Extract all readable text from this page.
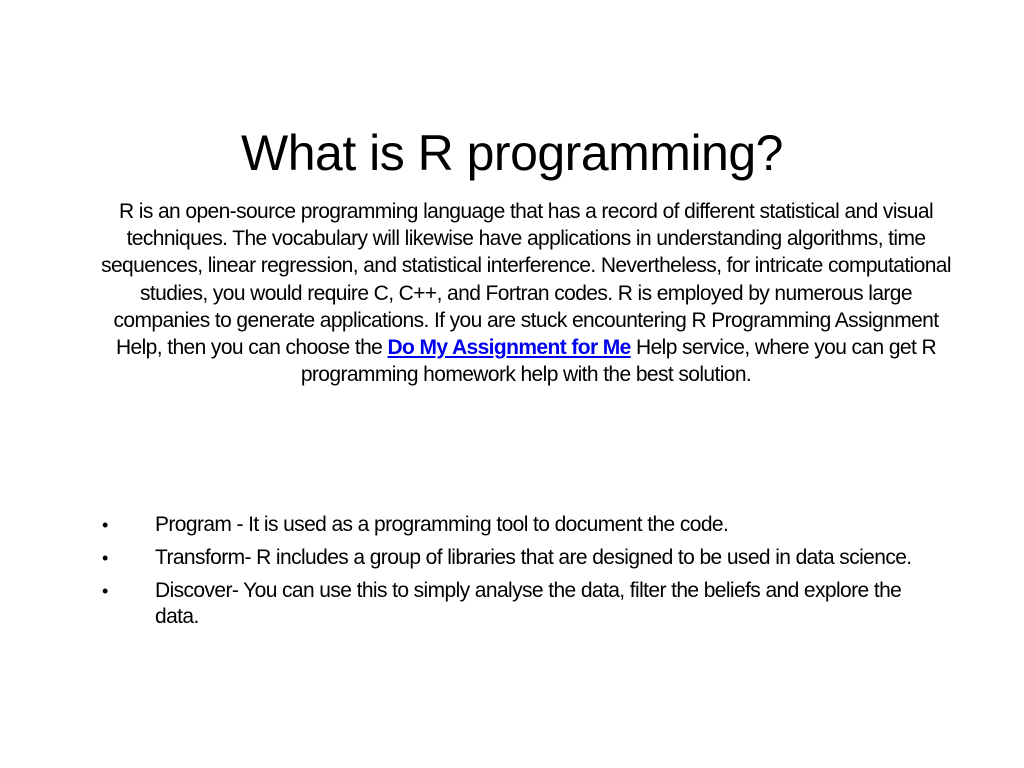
What is R programming?

R is an open-source programming language that has a record of different statistical and visual techniques. The vocabulary will likewise have applications in understanding algorithms, time sequences, linear regression, and statistical interference. Nevertheless, for intricate computational studies, you would require C, C++, and Fortran codes. R is employed by numerous large companies to generate applications. If you are stuck encountering R Programming Assignment Help, then you can choose the Do My Assignment for Me Help service, where you can get R programming homework help with the best solution.

• Program - It is used as a programming tool to document the code.
• Transform- R includes a group of libraries that are designed to be used in data science.
• Discover- You can use this to simply analyse the data, filter the beliefs and explore the data.
